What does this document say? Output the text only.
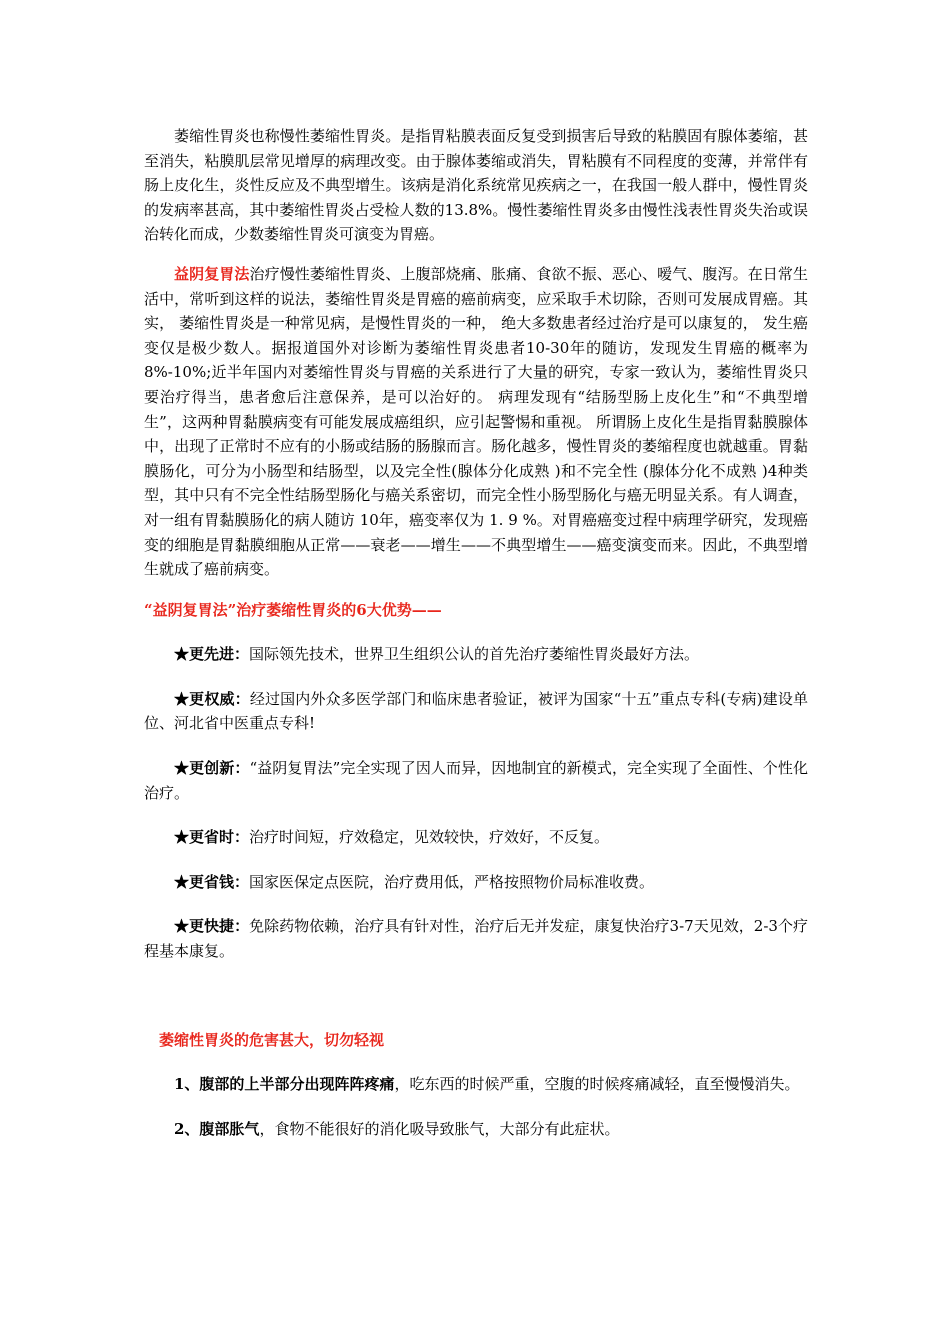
萎缩性胃炎也称慢性萎缩性胃炎。是指胃粘膜表面反复受到损害后导致的粘膜固有腺体萎缩，甚至消失，粘膜肌层常见增厚的病理改变。由于腺体萎缩或消失，胃粘膜有不同程度的变薄，并常伴有肠上皮化生，炎性反应及不典型增生。该病是消化系统常见疾病之一，在我国一般人群中，慢性胃炎的发病率甚高，其中萎缩性胃炎占受检人数的13.8%。慢性萎缩性胃炎多由慢性浅表性胃炎失治或误治转化而成，少数萎缩性胃炎可演变为胃癌。

益阴复胃法治疗慢性萎缩性胃炎、上腹部烧痛、胀痛、食欲不振、恶心、嗳气、腹泻。在日常生活中，常听到这样的说法，萎缩性胃炎是胃癌的癌前病变，应采取手术切除，否则可发展成胃癌。其实， 萎缩性胃炎是一种常见病，是慢性胃炎的一种， 绝大多数患者经过治疗是可以康复的， 发生癌变仅是极少数人。据报道国外对诊断为萎缩性胃炎患者10-30年的随访，发现发生胃癌的概率为8%-10%;近半年国内对萎缩性胃炎与胃癌的关系进行了大量的研究，专家一致认为，萎缩性胃炎只要治疗得当，患者愈后注意保养，是可以治好的。 病理发现有“结肠型肠上皮化生”和“不典型增生”，这两种胃黏膜病变有可能发展成癌组织，应引起警惕和重视。 所谓肠上皮化生是指胃黏膜腺体中，出现了正常时不应有的小肠或结肠的肠腺而言。肠化越多，慢性胃炎的萎缩程度也就越重。胃黏膜肠化，可分为小肠型和结肠型，以及完全性(腺体分化成熟 )和不完全性 (腺体分化不成熟 )4种类型，其中只有不完全性结肠型肠化与癌关系密切，而完全性小肠型肠化与癌无明显关系。有人调查，对一组有胃黏膜肠化的病人随访 10年，癌变率仅为 1. 9 %。对胃癌癌变过程中病理学研究，发现癌变的细胞是胃黏膜细胞从正常——衰老——增生——不典型增生——癌变演变而来。因此，不典型增生就成了癌前病变。

“益阴复胃法”治疗萎缩性胃炎的6大优势——

★更先进：国际领先技术，世界卫生组织公认的首先治疗萎缩性胃炎最好方法。

★更权威：经过国内外众多医学部门和临床患者验证，被评为国家“十五”重点专科(专病)建设单位、河北省中医重点专科!

★更创新：“益阴复胃法”完全实现了因人而异，因地制宜的新模式，完全实现了全面性、个性化治疗。

★更省时：治疗时间短，疗效稳定，见效较快，疗效好，不反复。

★更省钱：国家医保定点医院，治疗费用低，严格按照物价局标准收费。

★更快捷：免除药物依赖，治疗具有针对性，治疗后无并发症，康复快治疗3-7天见效，2-3个疗程基本康复。

萎缩性胃炎的危害甚大，切勿轻视

1、腹部的上半部分出现阵阵疼痛，吃东西的时候严重，空腹的时候疼痛减轻，直至慢慢消失。

2、腹部胀气，食物不能很好的消化吸导致胀气，大部分有此症状。
